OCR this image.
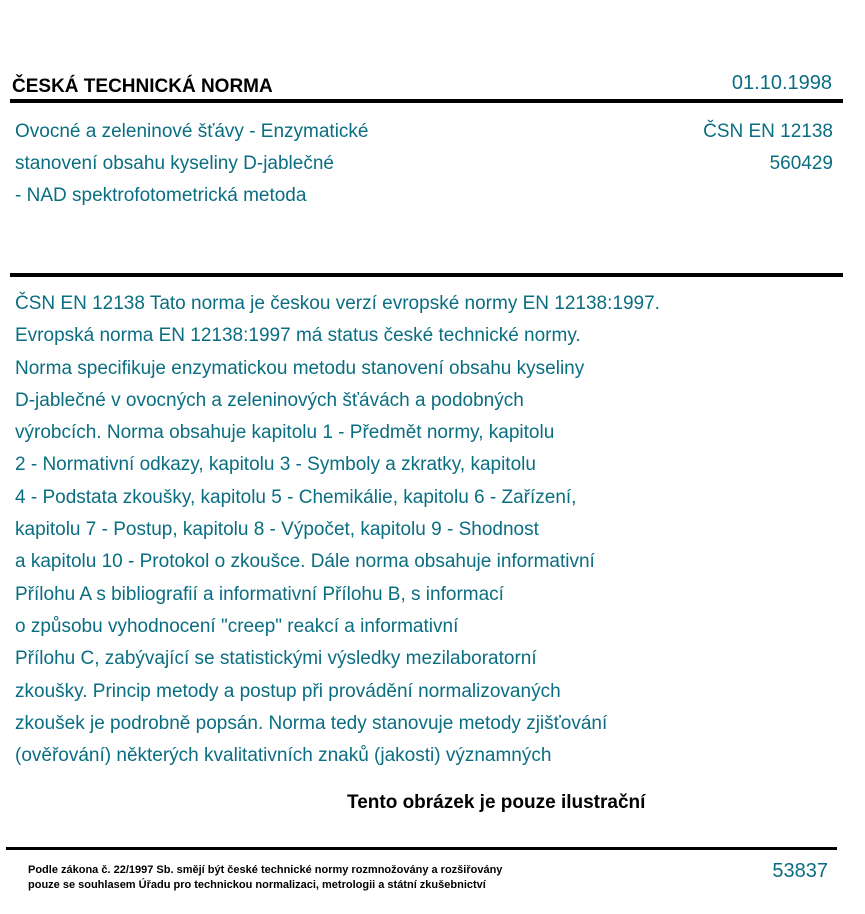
ČESKÁ TECHNICKÁ NORMA	01.10.1998
Ovocné a zeleninové šťávy - Enzymatické
stanovení obsahu kyseliny D-jablečné
- NAD spektrofotometrická metoda
ČSN EN 12138
560429
ČSN EN 12138 Tato norma je českou verzí evropské normy EN 12138:1997.
Evropská norma EN 12138:1997 má status české technické normy.
Norma specifikuje enzymatickou metodu stanovení obsahu kyseliny
D-jablečné v ovocných a zeleninových šťávách a podobných
výrobcích. Norma obsahuje kapitolu 1 - Předmět normy, kapitolu
2 - Normativní odkazy, kapitolu 3 - Symboly a zkratky, kapitolu
4 - Podstata zkoušky, kapitolu 5 - Chemikálie, kapitolu 6 - Zařízení,
kapitolu 7 - Postup, kapitolu 8 - Výpočet, kapitolu 9 - Shodnost
a kapitolu 10 - Protokol o zkoušce. Dále norma obsahuje informativní
Přílohu A s bibliografií a informativní Přílohu B, s informací
o způsobu vyhodnocení "creep" reakcí a informativní
Přílohu C, zabývající se statistickými výsledky mezilaboratorní
zkoušky. Princip metody a postup při provádění normalizovaných
zkoušek je podrobně popsán. Norma tedy stanovuje metody zjišťování
(ověřování) některých kvalitativních znaků (jakosti) významných
Tento obrázek je pouze ilustrační
Podle zákona č. 22/1997 Sb. smějí být české technické normy rozmnožovány a rozšiřovány
pouze se souhlasem Úřadu pro technickou normalizaci, metrologii a státní zkušebnictví
53837
